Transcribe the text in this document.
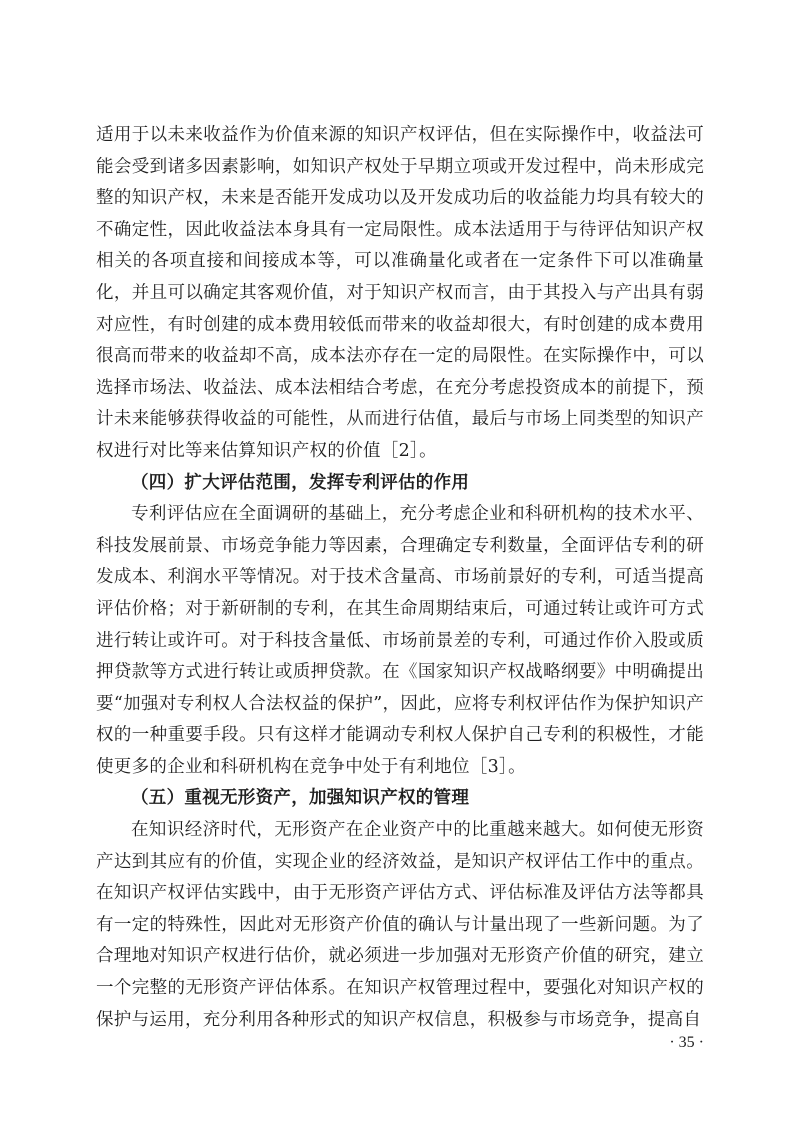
适用于以未来收益作为价值来源的知识产权评估，但在实际操作中，收益法可能会受到诸多因素影响，如知识产权处于早期立项或开发过程中，尚未形成完整的知识产权，未来是否能开发成功以及开发成功后的收益能力均具有较大的不确定性，因此收益法本身具有一定局限性。成本法适用于与待评估知识产权相关的各项直接和间接成本等，可以准确量化或者在一定条件下可以准确量化，并且可以确定其客观价值，对于知识产权而言，由于其投入与产出具有弱对应性，有时创建的成本费用较低而带来的收益却很大，有时创建的成本费用很高而带来的收益却不高，成本法亦存在一定的局限性。在实际操作中，可以选择市场法、收益法、成本法相结合考虑，在充分考虑投资成本的前提下，预计未来能够获得收益的可能性，从而进行估值，最后与市场上同类型的知识产权进行对比等来估算知识产权的价值［2］。

（四）扩大评估范围，发挥专利评估的作用

专利评估应在全面调研的基础上，充分考虑企业和科研机构的技术水平、科技发展前景、市场竞争能力等因素，合理确定专利数量，全面评估专利的研发成本、利润水平等情况。对于技术含量高、市场前景好的专利，可适当提高评估价格；对于新研制的专利，在其生命周期结束后，可通过转让或许可方式进行转让或许可。对于科技含量低、市场前景差的专利，可通过作价入股或质押贷款等方式进行转让或质押贷款。在《国家知识产权战略纲要》中明确提出要“加强对专利权人合法权益的保护”，因此，应将专利权评估作为保护知识产权的一种重要手段。只有这样才能调动专利权人保护自己专利的积极性，才能使更多的企业和科研机构在竞争中处于有利地位［3］。

（五）重视无形资产，加强知识产权的管理

在知识经济时代，无形资产在企业资产中的比重越来越大。如何使无形资产达到其应有的价值，实现企业的经济效益，是知识产权评估工作中的重点。在知识产权评估实践中，由于无形资产评估方式、评估标准及评估方法等都具有一定的特殊性，因此对无形资产价值的确认与计量出现了一些新问题。为了合理地对知识产权进行估价，就必须进一步加强对无形资产价值的研究，建立一个完整的无形资产评估体系。在知识产权管理过程中，要强化对知识产权的保护与运用，充分利用各种形式的知识产权信息，积极参与市场竞争，提高自

· 35 ·
